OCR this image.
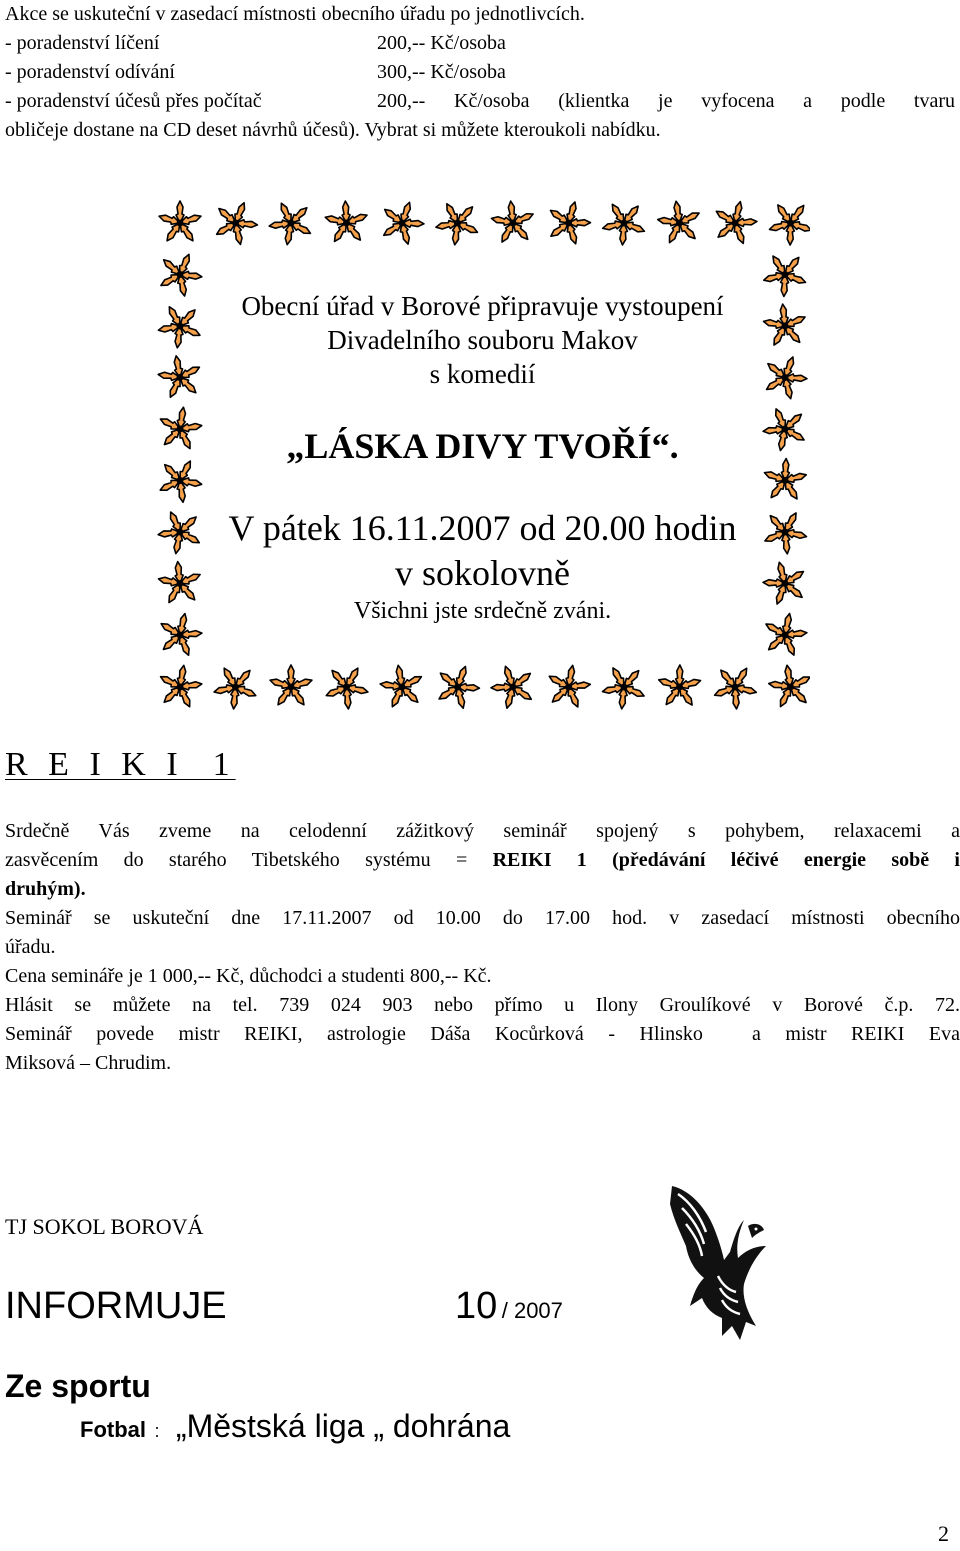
Akce se uskuteční v zasedací místnosti obecního úřadu po jednotlivcích.
- poradenství líčení	200,-- Kč/osoba
- poradenství odívání	300,-- Kč/osoba
- poradenství účesů přes počítač	200,-- Kč/osoba (klientka je vyfocena a podle tvaru
obličeje dostane na CD deset návrhů účesů). Vybrat si můžete kteroukoli nabídku.
Obecní úřad v Borové připravuje vystoupení
Divadelního souboru Makov
s komedií
„LÁSKA DIVY TVOŘÍ“.
V pátek 16.11.2007 od 20.00 hodin
v sokolovně
Všichni jste srdečně zváni.
R E I K I  1
Srdečně Vás zveme na celodenní zážitkový seminář spojený s pohybem, relaxacemi a
zasvěcením do starého Tibetského systému = REIKI 1 (předávání léčivé energie sobě i
druhým).
Seminář se uskuteční dne 17.11.2007 od 10.00 do 17.00 hod. v zasedací místnosti obecního
úřadu.
Cena semináře je 1 000,-- Kč, důchodci a studenti 800,-- Kč.
Hlásit se můžete na tel. 739 024 903 nebo přímo u Ilony Groulíkové v Borové č.p. 72.
Seminář povede mistr REIKI, astrologie Dáša Kocůrková - Hlinsko  a mistr REIKI Eva
Miksová – Chrudim.
TJ SOKOL BOROVÁ
INFORMUJE	10 / 2007
Ze sportu
Fotbal : „Městská liga „ dohrána
2
